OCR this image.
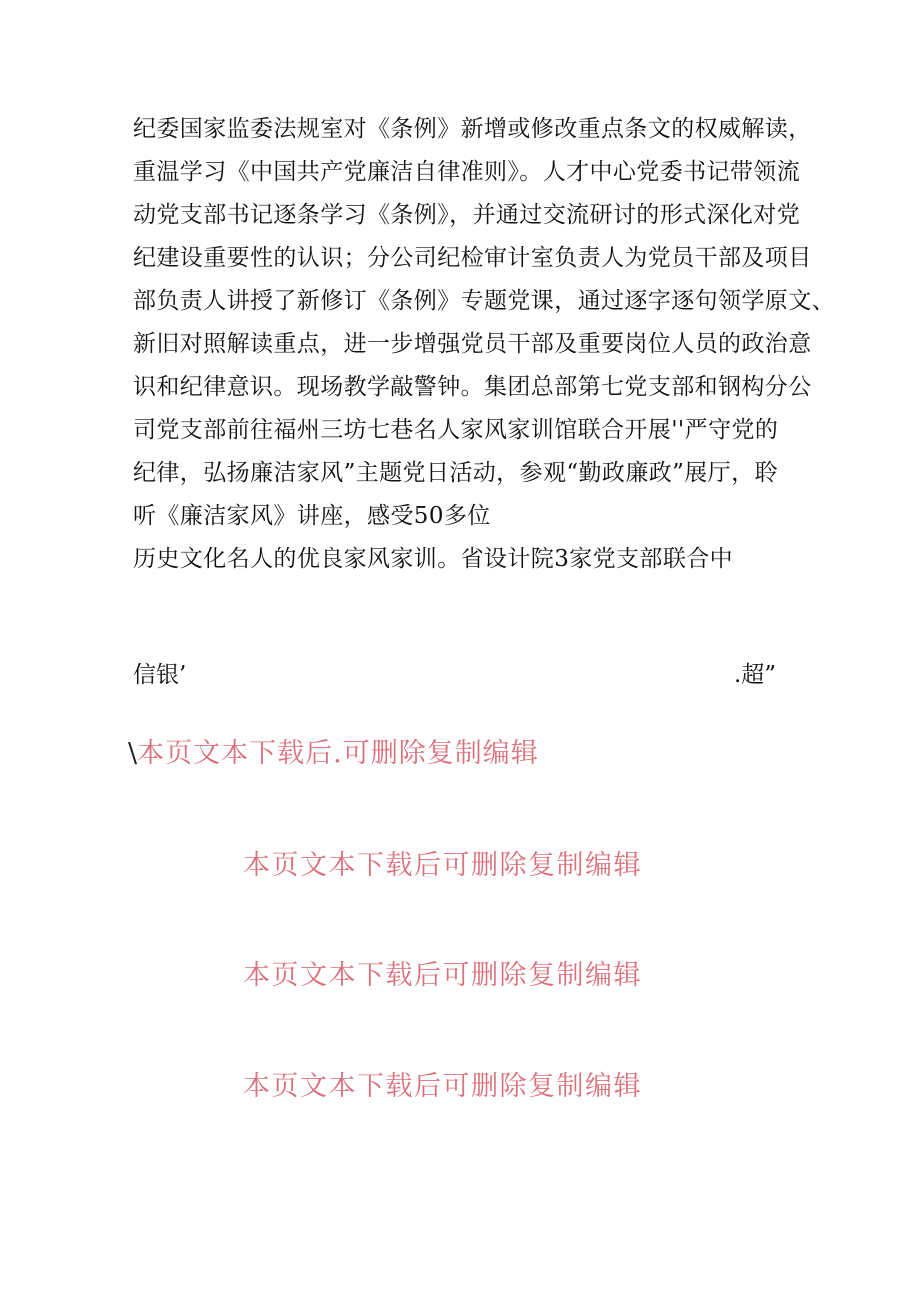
纪委国家监委法规室对《条例》新增或修改重点条文的权威解读，
重温学习《中国共产党廉洁自律准则》。人才中心党委书记带领流
动党支部书记逐条学习《条例》，并通过交流研讨的形式深化对党
纪建设重要性的认识；分公司纪检审计室负责人为党员干部及项目
部负责人讲授了新修订《条例》专题党课，通过逐字逐句领学原文、
新旧对照解读重点，进一步增强党员干部及重要岗位人员的政治意
识和纪律意识。现场教学敲警钟。集团总部第七党支部和钢构分公
司党支部前往福州三坊七巷名人家风家训馆联合开展''严守党的
纪律，弘扬廉洁家风”主题党日活动，参观“勤政廉政”展厅，聆
听《廉洁家风》讲座，感受50多位
历史文化名人的优良家风家训。省设计院3家党支部联合中
信银’	.超”
\本页文本下载后.可删除复制编辑
本页文本下载后可删除复制编辑
本页文本下载后可删除复制编辑
本页文本下载后可删除复制编辑
